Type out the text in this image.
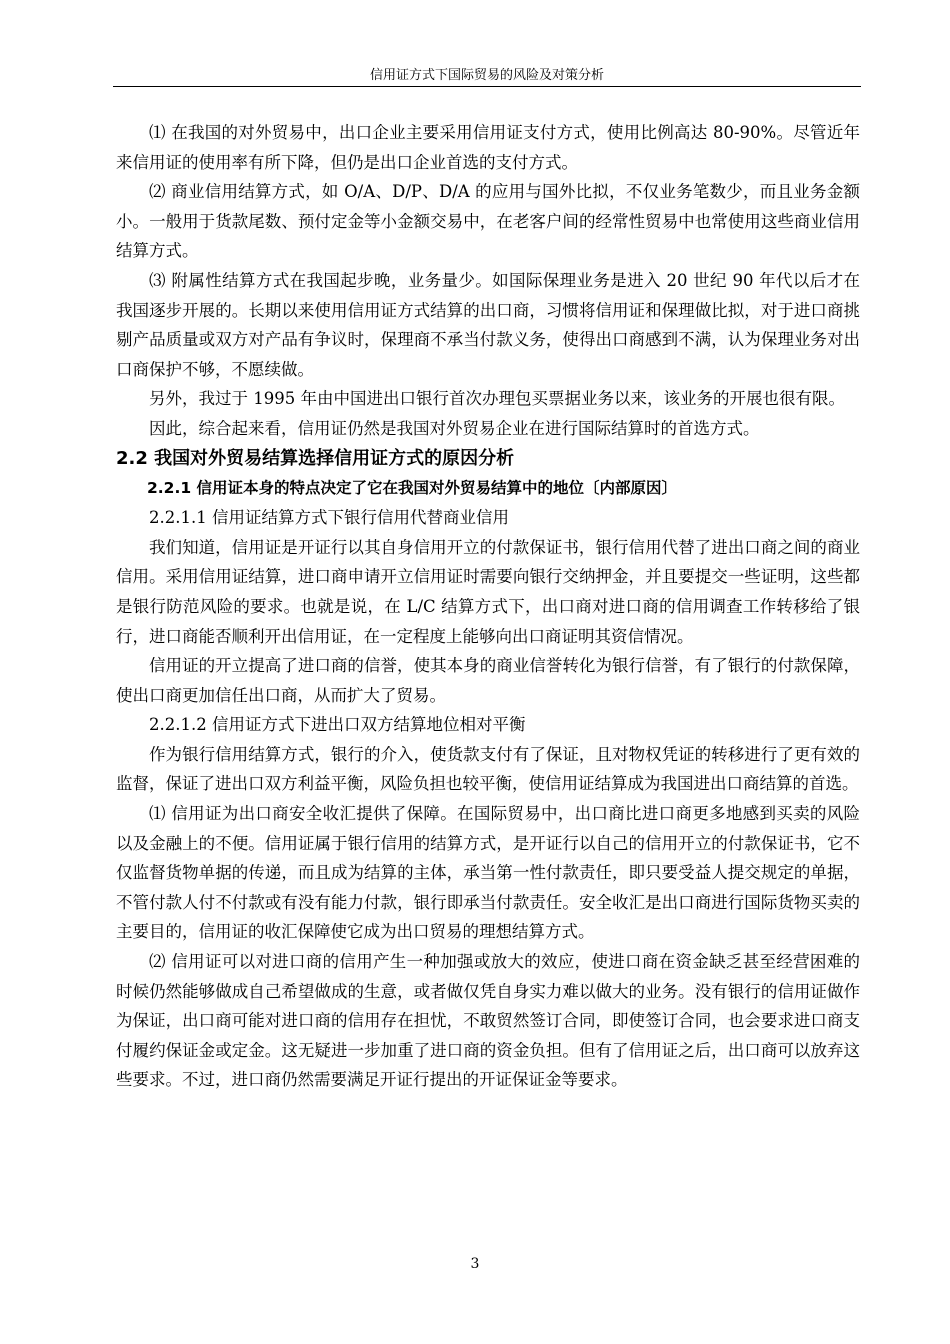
信用证方式下国际贸易的风险及对策分析

⑴ 在我国的对外贸易中，出口企业主要采用信用证支付方式，使用比例高达 80-90%。尽管近年来信用证的使用率有所下降，但仍是出口企业首选的支付方式。

⑵ 商业信用结算方式，如 O/A、D/P、D/A 的应用与国外比拟，不仅业务笔数少，而且业务金额小。一般用于货款尾数、预付定金等小金额交易中，在老客户间的经常性贸易中也常使用这些商业信用结算方式。

⑶ 附属性结算方式在我国起步晚，业务量少。如国际保理业务是进入 20 世纪 90 年代以后才在我国逐步开展的。长期以来使用信用证方式结算的出口商，习惯将信用证和保理做比拟，对于进口商挑剔产品质量或双方对产品有争议时，保理商不承当付款义务，使得出口商感到不满，认为保理业务对出口商保护不够，不愿续做。

另外，我过于 1995 年由中国进出口银行首次办理包买票据业务以来，该业务的开展也很有限。

因此，综合起来看，信用证仍然是我国对外贸易企业在进行国际结算时的首选方式。

2.2 我国对外贸易结算选择信用证方式的原因分析

2.2.1 信用证本身的特点决定了它在我国对外贸易结算中的地位〔内部原因〕

2.2.1.1 信用证结算方式下银行信用代替商业信用

我们知道，信用证是开证行以其自身信用开立的付款保证书，银行信用代替了进出口商之间的商业信用。采用信用证结算，进口商申请开立信用证时需要向银行交纳押金，并且要提交一些证明，这些都是银行防范风险的要求。也就是说，在 L/C 结算方式下，出口商对进口商的信用调查工作转移给了银行，进口商能否顺利开出信用证，在一定程度上能够向出口商证明其资信情况。

信用证的开立提高了进口商的信誉，使其本身的商业信誉转化为银行信誉，有了银行的付款保障，使出口商更加信任出口商，从而扩大了贸易。

2.2.1.2 信用证方式下进出口双方结算地位相对平衡

作为银行信用结算方式，银行的介入，使货款支付有了保证，且对物权凭证的转移进行了更有效的监督，保证了进出口双方利益平衡，风险负担也较平衡，使信用证结算成为我国进出口商结算的首选。

⑴ 信用证为出口商安全收汇提供了保障。在国际贸易中，出口商比进口商更多地感到买卖的风险以及金融上的不便。信用证属于银行信用的结算方式，是开证行以自己的信用开立的付款保证书，它不仅监督货物单据的传递，而且成为结算的主体，承当第一性付款责任，即只要受益人提交规定的单据，不管付款人付不付款或有没有能力付款，银行即承当付款责任。安全收汇是出口商进行国际货物买卖的主要目的，信用证的收汇保障使它成为出口贸易的理想结算方式。

⑵ 信用证可以对进口商的信用产生一种加强或放大的效应，使进口商在资金缺乏甚至经营困难的时候仍然能够做成自己希望做成的生意，或者做仅凭自身实力难以做大的业务。没有银行的信用证做作为保证，出口商可能对进口商的信用存在担忧，不敢贸然签订合同，即使签订合同，也会要求进口商支付履约保证金或定金。这无疑进一步加重了进口商的资金负担。但有了信用证之后，出口商可以放弃这些要求。不过，进口商仍然需要满足开证行提出的开证保证金等要求。

3
